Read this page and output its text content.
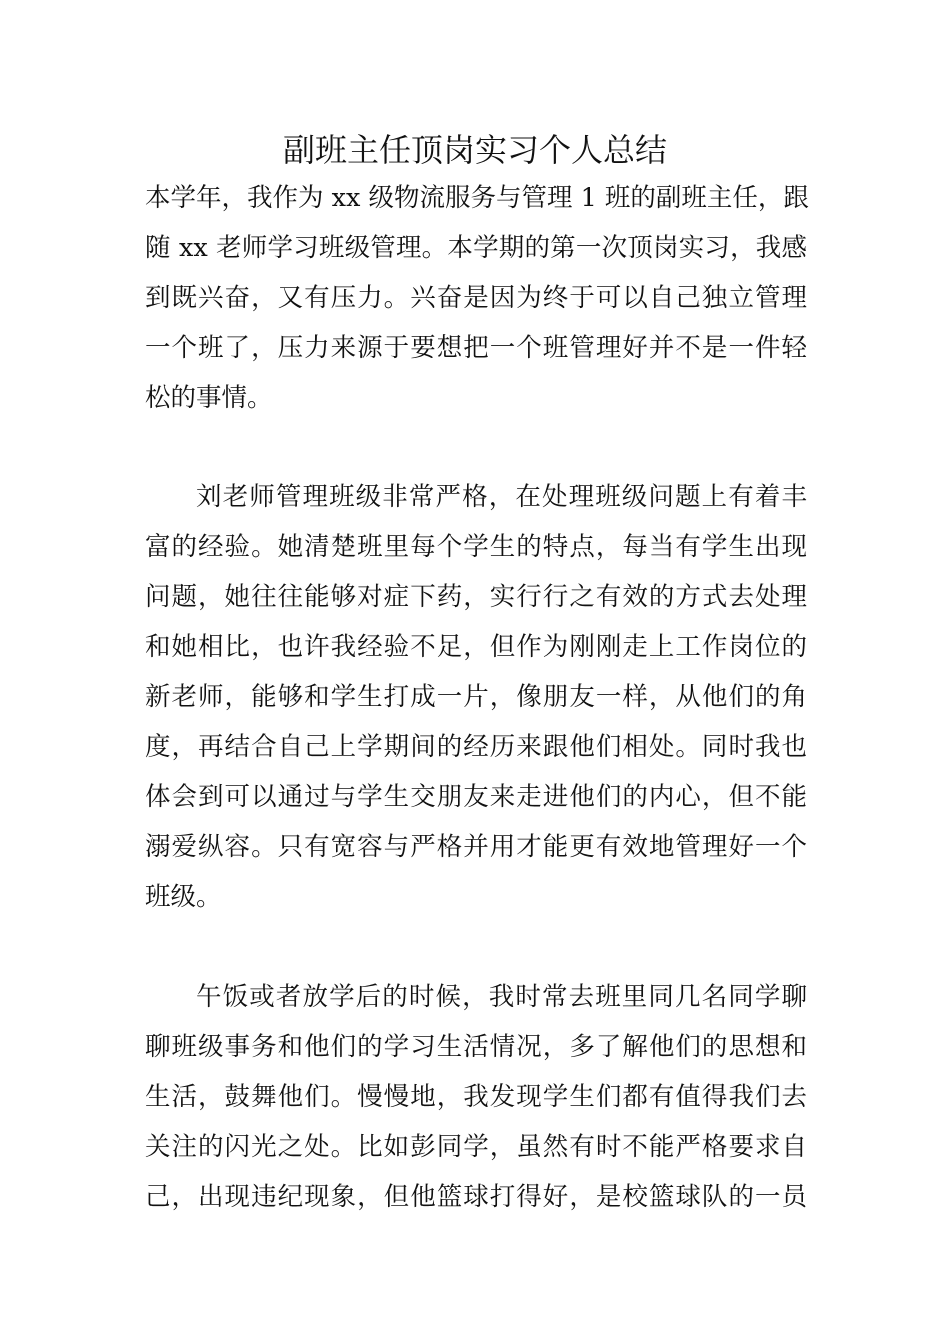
副班主任顶岗实习个人总结

本学年，我作为 xx 级物流服务与管理 1 班的副班主任，跟

随 xx 老师学习班级管理。本学期的第一次顶岗实习，我感

到既兴奋，又有压力。兴奋是因为终于可以自己独立管理

一个班了，压力来源于要想把一个班管理好并不是一件轻

松的事情。

刘老师管理班级非常严格，在处理班级问题上有着丰

富的经验。她清楚班里每个学生的特点，每当有学生出现

问题，她往往能够对症下药，实行行之有效的方式去处理

和她相比，也许我经验不足，但作为刚刚走上工作岗位的

新老师，能够和学生打成一片，像朋友一样，从他们的角

度，再结合自己上学期间的经历来跟他们相处。同时我也

体会到可以通过与学生交朋友来走进他们的内心，但不能

溺爱纵容。只有宽容与严格并用才能更有效地管理好一个

班级。

午饭或者放学后的时候，我时常去班里同几名同学聊

聊班级事务和他们的学习生活情况，多了解他们的思想和

生活，鼓舞他们。慢慢地，我发现学生们都有值得我们去

关注的闪光之处。比如彭同学，虽然有时不能严格要求自

己，出现违纪现象，但他篮球打得好，是校篮球队的一员
